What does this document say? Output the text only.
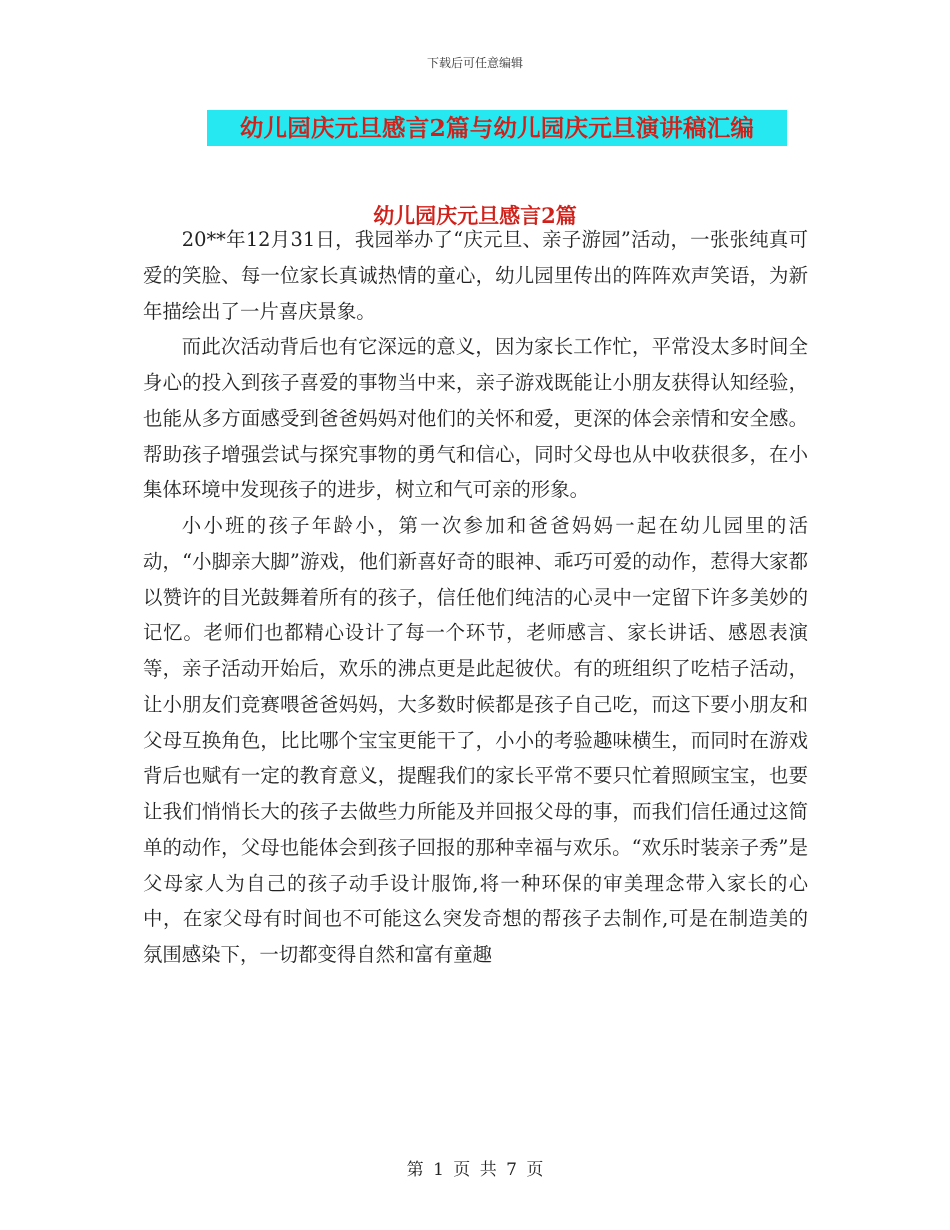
下载后可任意编辑
幼儿园庆元旦感言2篇与幼儿园庆元旦演讲稿汇编
幼儿园庆元旦感言2篇

20**年12月31日，我园举办了“庆元旦、亲子游园”活动，一张张纯真可爱的笑脸、每一位家长真诚热情的童心，幼儿园里传出的阵阵欢声笑语，为新年描绘出了一片喜庆景象。

而此次活动背后也有它深远的意义，因为家长工作忙，平常没太多时间全身心的投入到孩子喜爱的事物当中来，亲子游戏既能让小朋友获得认知经验，也能从多方面感受到爸爸妈妈对他们的关怀和爱，更深的体会亲情和安全感。帮助孩子增强尝试与探究事物的勇气和信心，同时父母也从中收获很多，在小集体环境中发现孩子的进步，树立和气可亲的形象。

小小班的孩子年龄小，第一次参加和爸爸妈妈一起在幼儿园里的活动，“小脚亲大脚”游戏，他们新喜好奇的眼神、乖巧可爱的动作，惹得大家都以赞许的目光鼓舞着所有的孩子，信任他们纯洁的心灵中一定留下许多美妙的记忆。老师们也都精心设计了每一个环节，老师感言、家长讲话、感恩表演等，亲子活动开始后，欢乐的沸点更是此起彼伏。有的班组织了吃桔子活动，让小朋友们竞赛喂爸爸妈妈，大多数时候都是孩子自己吃，而这下要小朋友和父母互换角色，比比哪个宝宝更能干了，小小的考验趣味横生，而同时在游戏背后也赋有一定的教育意义，提醒我们的家长平常不要只忙着照顾宝宝，也要让我们悄悄长大的孩子去做些力所能及并回报父母的事，而我们信任通过这简单的动作，父母也能体会到孩子回报的那种幸福与欢乐。“欢乐时装亲子秀”是父母家人为自己的孩子动手设计服饰,将一种环保的审美理念带入家长的心中，在家父母有时间也不可能这么突发奇想的帮孩子去制作,可是在制造美的氛围感染下，一切都变得自然和富有童趣

第 1 页 共 7 页
